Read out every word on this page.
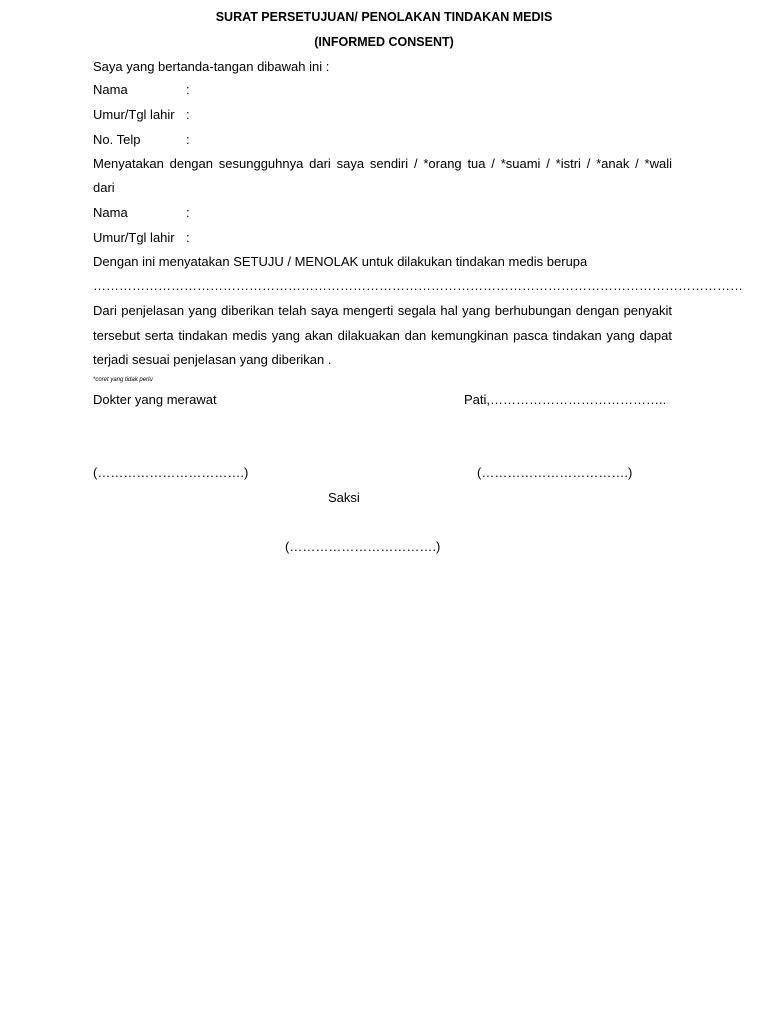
SURAT PERSETUJUAN/ PENOLAKAN TINDAKAN MEDIS
(INFORMED CONSENT)
Saya yang bertanda-tangan dibawah ini :
Nama	:
Umur/Tgl lahir :
No. Telp	:
Menyatakan dengan sesungguhnya dari saya sendiri / *orang tua / *suami / *istri / *anak / *wali
dari
Nama	:
Umur/Tgl lahir :
Dengan ini menyatakan SETUJU / MENOLAK untuk dilakukan tindakan medis berupa
……………………………………………………………………………………………………………………………………
Dari penjelasan yang diberikan telah saya mengerti segala hal yang berhubungan dengan penyakit
tersebut serta tindakan medis yang akan dilakuakan dan kemungkinan pasca tindakan yang dapat
terjadi sesuai penjelasan yang diberikan .
*coret yang tidak perlu
Dokter yang merawat	Pati,…………………………………..
(…………………………….)	(…………………………….)
Saksi
(…………………………….)
